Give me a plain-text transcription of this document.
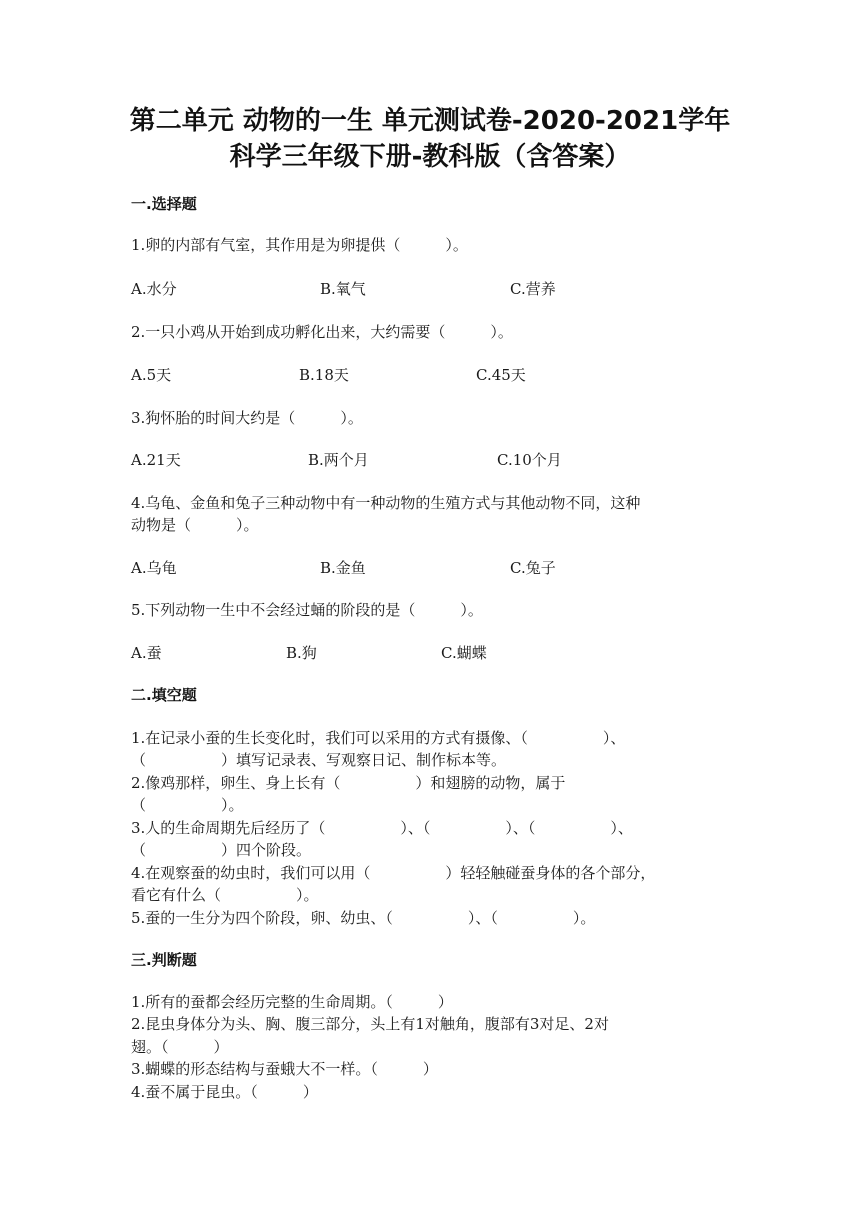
第二单元 动物的一生 单元测试卷-2020-2021学年
科学三年级下册-教科版（含答案）
一.选择题
1.卵的内部有气室，其作用是为卵提供（　　　）。
A.水分	B.氧气	C.营养
2.一只小鸡从开始到成功孵化出来，大约需要（　　　）。
A.5天	B.18天	C.45天
3.狗怀胎的时间大约是（　　　）。
A.21天	B.两个月	C.10个月
4.乌龟、金鱼和兔子三种动物中有一种动物的生殖方式与其他动物不同，这种
动物是（　　　）。
A.乌龟	B.金鱼	C.兔子
5.下列动物一生中不会经过蛹的阶段的是（　　　）。
A.蚕	B.狗	C.蝴蝶
二.填空题
1.在记录小蚕的生长变化时，我们可以采用的方式有摄像、（　　　　　）、
（　　　　　）填写记录表、写观察日记、制作标本等。
2.像鸡那样，卵生、身上长有（　　　　　）和翅膀的动物，属于
（　　　　　）。
3.人的生命周期先后经历了（　　　　　）、（　　　　　）、（　　　　　）、
（　　　　　）四个阶段。
4.在观察蚕的幼虫时，我们可以用（　　　　　）轻轻触碰蚕身体的各个部分，
看它有什么（　　　　　）。
5.蚕的一生分为四个阶段，卵、幼虫、（　　　　　）、（　　　　　）。
三.判断题
1.所有的蚕都会经历完整的生命周期。（　　　）
2.昆虫身体分为头、胸、腹三部分，头上有1对触角，腹部有3对足、2对
翅。（　　　）
3.蝴蝶的形态结构与蚕蛾大不一样。（　　　）
4.蚕不属于昆虫。（　　　）
